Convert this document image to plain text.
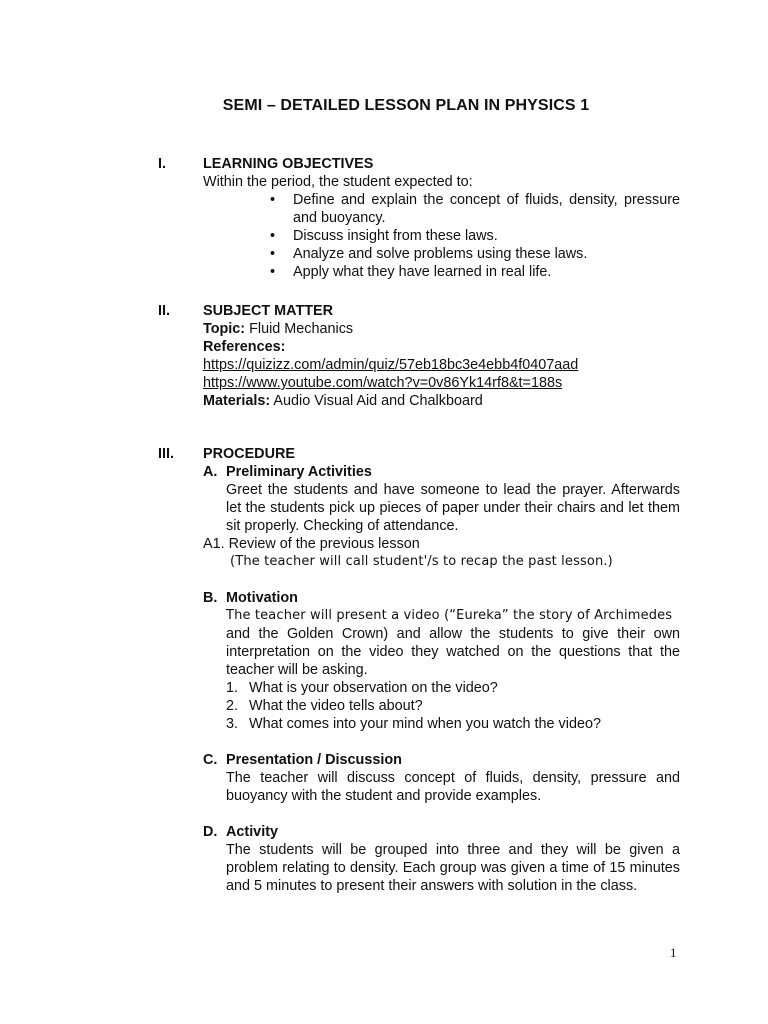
SEMI – DETAILED LESSON PLAN IN PHYSICS 1
I.	LEARNING OBJECTIVES

Within the period, the student expected to:

• Define and explain the concept of fluids, density, pressure and buoyancy.
• Discuss insight from these laws.
• Analyze and solve problems using these laws.
• Apply what they have learned in real life.
II. SUBJECT MATTER

Topic: Fluid Mechanics

References:

https://quizizz.com/admin/quiz/57eb18bc3e4ebb4f0407aad

https://www.youtube.com/watch?v=0v86Yk14rf8&t=188s

Materials: Audio Visual Aid and Chalkboard

III. PROCEDURE

A. Preliminary Activities

Greet the students and have someone to lead the prayer. Afterwards let the students pick up pieces of paper under their chairs and let them sit properly. Checking of attendance.

A1. Review of the previous lesson

(The teacher will call student'/s to recap the past lesson.)

B. Motivation

The teacher will present a video (“Eureka” the story of Archimedes

and the Golden Crown) and allow the students to give their own interpretation on the video they watched on the questions that the teacher will be asking.

1. What is your observation on the video?
2. What the video tells about?
3. What comes into your mind when you watch the video?

C. Presentation / Discussion

The teacher will discuss concept of fluids, density, pressure and buoyancy with the student and provide examples.

D. Activity

The students will be grouped into three and they will be given a problem relating to density. Each group was given a time of 15 minutes and 5 minutes to present their answers with solution in the class.

1
